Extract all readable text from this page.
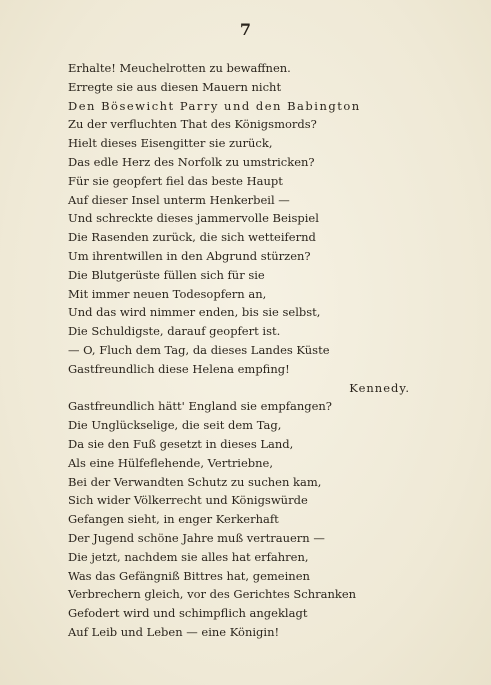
7
Erhalte! Meuchelrotten zu bewaffnen.
Erregte sie aus diesen Mauern nicht
Den Bösewicht Parry und den Babington
Zu der verfluchten That des Königsmords?
Hielt dieses Eisengitter sie zurück,
Das edle Herz des Norfolk zu umstricken?
Für sie geopfert fiel das beste Haupt
Auf dieser Insel unterm Henkerbeil —
Und schreckte dieses jammervolle Beispiel
Die Rasenden zurück, die sich wetteifernd
Um ihrentwillen in den Abgrund stürzen?
Die Blutgerüste füllen sich für sie
Mit immer neuen Todesopfern an,
Und das wird nimmer enden, bis sie selbst,
Die Schuldigste, darauf geopfert ist.
— O, Fluch dem Tag, da dieses Landes Küste
Gastfreundlich diese Helena empfing!
Kennedy.
Gastfreundlich hätt' England sie empfangen?
Die Unglückselige, die seit dem Tag,
Da sie den Fuß gesetzt in dieses Land,
Als eine Hülfeflehende, Vertriebne,
Bei der Verwandten Schutz zu suchen kam,
Sich wider Völkerrecht und Königswürde
Gefangen sieht, in enger Kerkerhaft
Der Jugend schöne Jahre muß vertrauern —
Die jetzt, nachdem sie alles hat erfahren,
Was das Gefängniß Bittres hat, gemeinen
Verbrechern gleich, vor des Gerichtes Schranken
Gefodert wird und schimpflich angeklagt
Auf Leib und Leben — eine Königin!
